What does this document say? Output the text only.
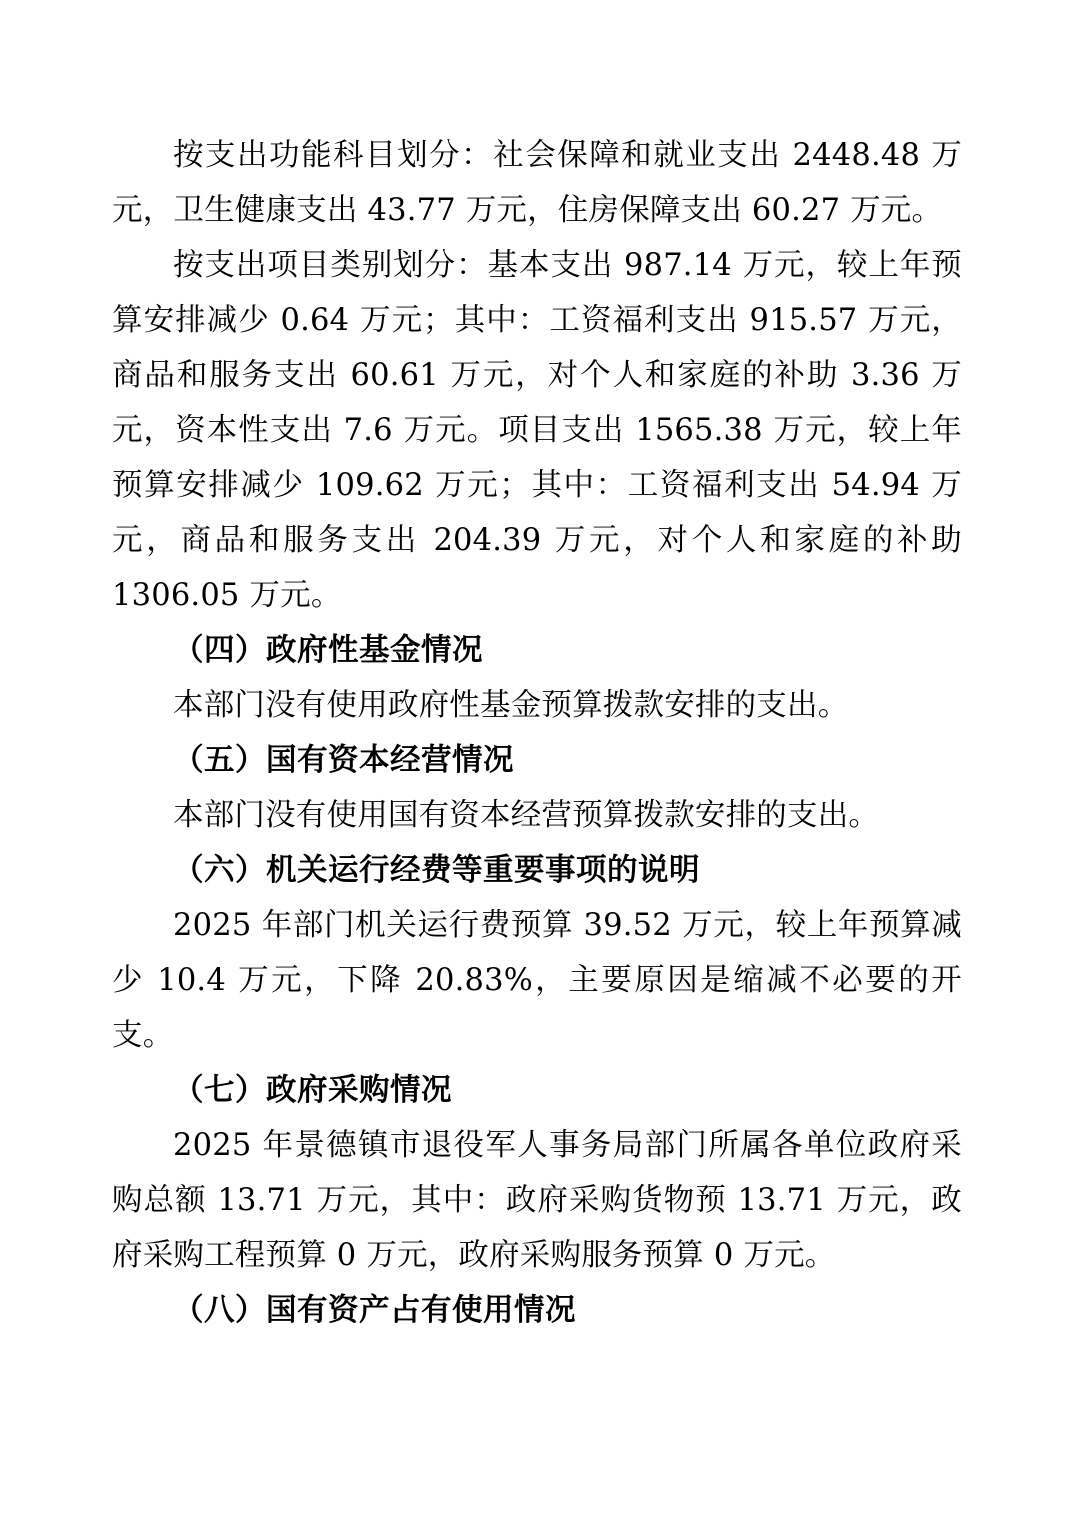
按支出功能科目划分：社会保障和就业支出 2448.48 万元，卫生健康支出 43.77 万元，住房保障支出 60.27 万元。

按支出项目类别划分：基本支出 987.14 万元，较上年预算安排减少 0.64 万元；其中：工资福利支出 915.57 万元，商品和服务支出 60.61 万元，对个人和家庭的补助 3.36 万元，资本性支出 7.6 万元。项目支出 1565.38 万元，较上年预算安排减少 109.62 万元；其中：工资福利支出 54.94 万元，商品和服务支出 204.39 万元，对个人和家庭的补助 1306.05 万元。

（四）政府性基金情况

本部门没有使用政府性基金预算拨款安排的支出。

（五）国有资本经营情况

本部门没有使用国有资本经营预算拨款安排的支出。

（六）机关运行经费等重要事项的说明

2025 年部门机关运行费预算 39.52 万元，较上年预算减少 10.4 万元，下降 20.83%，主要原因是缩减不必要的开支。

（七）政府采购情况

2025 年景德镇市退役军人事务局部门所属各单位政府采购总额 13.71 万元，其中：政府采购货物预 13.71 万元，政府采购工程预算 0 万元，政府采购服务预算 0 万元。

（八）国有资产占有使用情况
